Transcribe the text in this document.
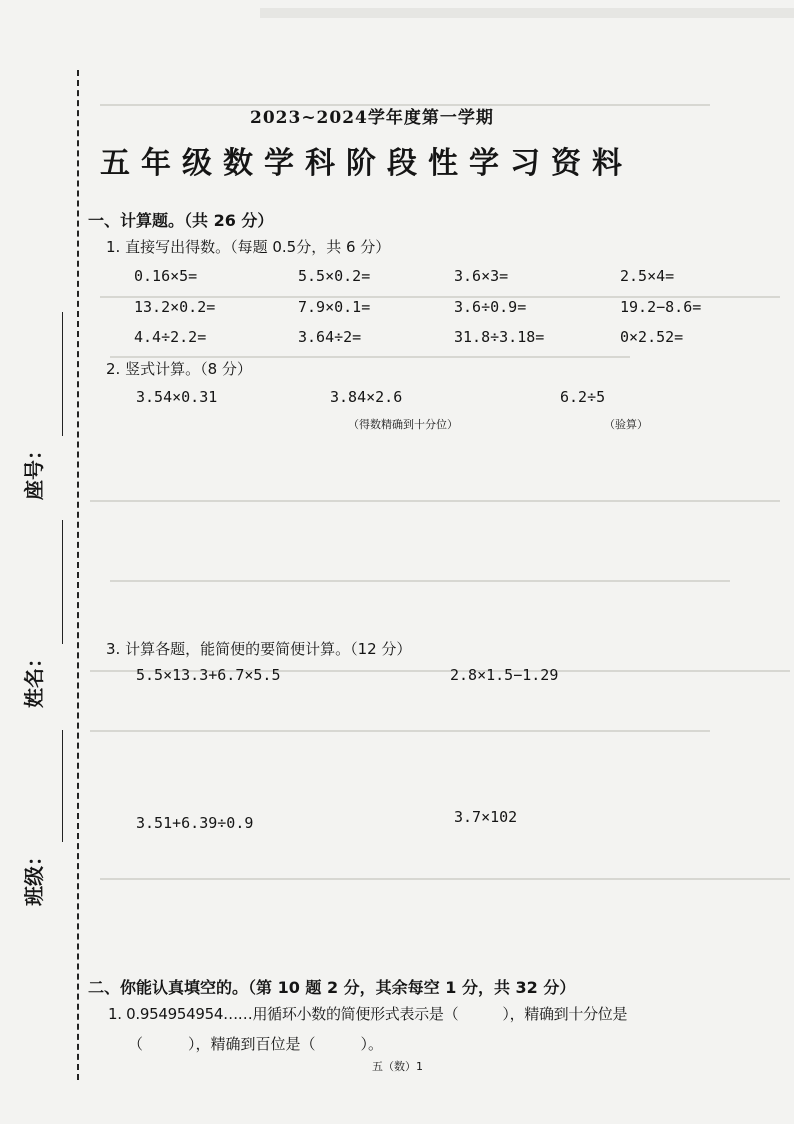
座号：
姓名：
班级：
2023~2024学年度第一学期
五年级数学科阶段性学习资料
一、计算题。（共 26 分）
1. 直接写出得数。（每题 0.5分，共 6 分）
0.16×5=	5.5×0.2=	3.6×3=	2.5×4=
13.2×0.2=	7.9×0.1=	3.6÷0.9=	19.2−8.6=
4.4÷2.2=	3.64÷2=	31.8÷3.18=	0×2.52=
2. 竖式计算。（8 分）
3.54×0.31	3.84×2.6	6.2÷5
（得数精确到十分位）	（验算）
3. 计算各题，能简便的要简便计算。（12 分）
5.5×13.3+6.7×5.5	2.8×1.5−1.29
3.51+6.39÷0.9	3.7×102
二、你能认真填空的。（第 10 题 2 分，其余每空 1 分，共 32 分）
1. 0.954954954……用循环小数的简便形式表示是（　　　），精确到十分位是
（　　　），精确到百位是（　　　）。
五（数）1
